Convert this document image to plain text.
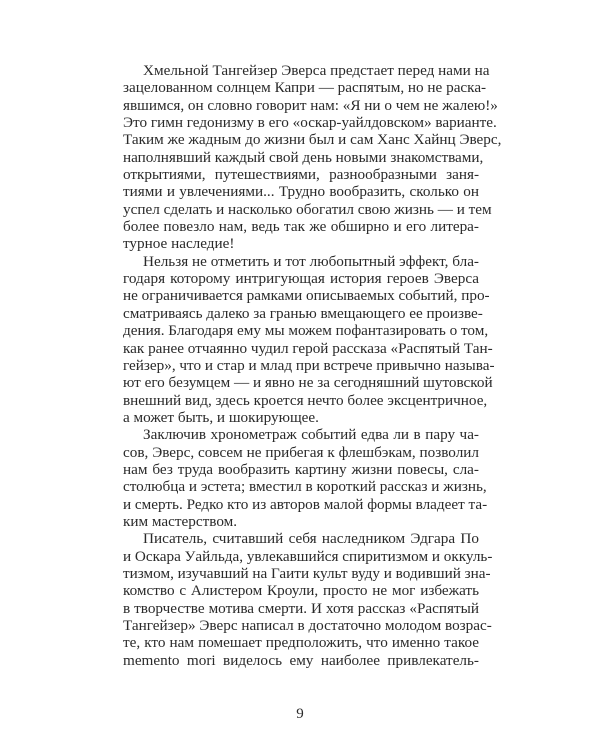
Хмельной Тангейзер Эверса предстает перед нами на
зацелованном солнцем Капри — распятым, но не раска-
явшимся, он словно говорит нам: «Я ни о чем не жалею!»
Это гимн гедонизму в его «оскар-уайлдовском» варианте.
Таким же жадным до жизни был и сам Ханс Хайнц Эверс,
наполнявший каждый свой день новыми знакомствами,
открытиями, путешествиями, разнообразными заня-
тиями и увлечениями... Трудно вообразить, сколько он
успел сделать и насколько обогатил свою жизнь — и тем
более повезло нам, ведь так же обширно и его литера-
турное наследие!
Нельзя не отметить и тот любопытный эффект, бла-
годаря которому интригующая история героев Эверса
не ограничивается рамками описываемых событий, про-
сматриваясь далеко за гранью вмещающего ее произве-
дения. Благодаря ему мы можем пофантазировать о том,
как ранее отчаянно чудил герой рассказа «Распятый Тан-
гейзер», что и стар и млад при встрече привычно называ-
ют его безумцем — и явно не за сегодняшний шутовской
внешний вид, здесь кроется нечто более эксцентричное,
а может быть, и шокирующее.
Заключив хронометраж событий едва ли в пару ча-
сов, Эверс, совсем не прибегая к флешбэкам, позволил
нам без труда вообразить картину жизни повесы, сла-
столюбца и эстета; вместил в короткий рассказ и жизнь,
и смерть. Редко кто из авторов малой формы владеет та-
ким мастерством.
Писатель, считавший себя наследником Эдгара По
и Оскара Уайльда, увлекавшийся спиритизмом и оккуль-
тизмом, изучавший на Гаити культ вуду и водивший зна-
комство с Алистером Кроули, просто не мог избежать
в творчестве мотива смерти. И хотя рассказ «Распятый
Тангейзер» Эверс написал в достаточно молодом возрас-
те, кто нам помешает предположить, что именно такое
memento mori виделось ему наиболее привлекатель-
9
